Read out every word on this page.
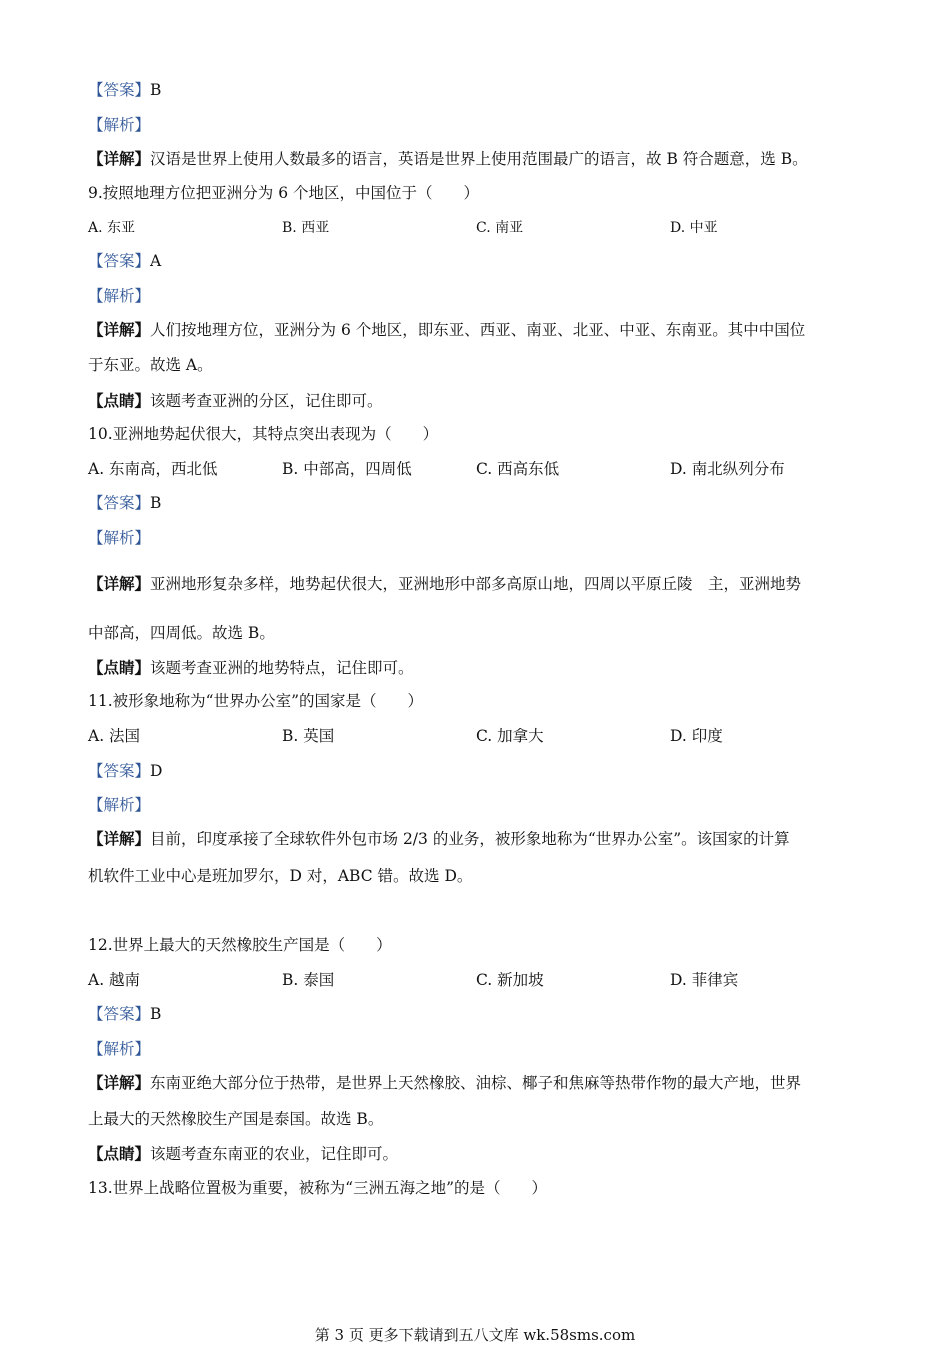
【答案】B
【解析】
【详解】汉语是世界上使用人数最多的语言，英语是世界上使用范围最广的语言，故 B 符合题意，选 B。
9.按照地理方位把亚洲分为 6 个地区，中国位于（　　）
A. 东亚	B. 西亚	C. 南亚	D. 中亚
【答案】A
【解析】
【详解】人们按地理方位，亚洲分为 6 个地区，即东亚、西亚、南亚、北亚、中亚、东南亚。其中中国位
于东亚。故选 A。
【点睛】该题考查亚洲的分区，记住即可。
10.亚洲地势起伏很大，其特点突出表现为（　　）
A. 东南高，西北低	B. 中部高，四周低	C. 西高东低	D. 南北纵列分布
【答案】B
【解析】
【详解】亚洲地形复杂多样，地势起伏很大，亚洲地形中部多高原山地，四周以平原丘陵　主，亚洲地势
中部高，四周低。故选 B。
【点睛】该题考查亚洲的地势特点，记住即可。
11.被形象地称为“世界办公室”的国家是（　　）
A. 法国	B. 英国	C. 加拿大	D. 印度
【答案】D
【解析】
【详解】目前，印度承接了全球软件外包市场 2/3 的业务，被形象地称为“世界办公室”。该国家的计算
机软件工业中心是班加罗尔，D 对，ABC 错。故选 D。
12.世界上最大的天然橡胶生产国是（　　）
A. 越南	B. 泰国	C. 新加坡	D. 菲律宾
【答案】B
【解析】
【详解】东南亚绝大部分位于热带，是世界上天然橡胶、油棕、椰子和焦麻等热带作物的最大产地，世界
上最大的天然橡胶生产国是泰国。故选 B。
【点睛】该题考查东南亚的农业，记住即可。
13.世界上战略位置极为重要，被称为“三洲五海之地”的是（　　）
第 3 页 更多下载请到五八文库 wk.58sms.com
